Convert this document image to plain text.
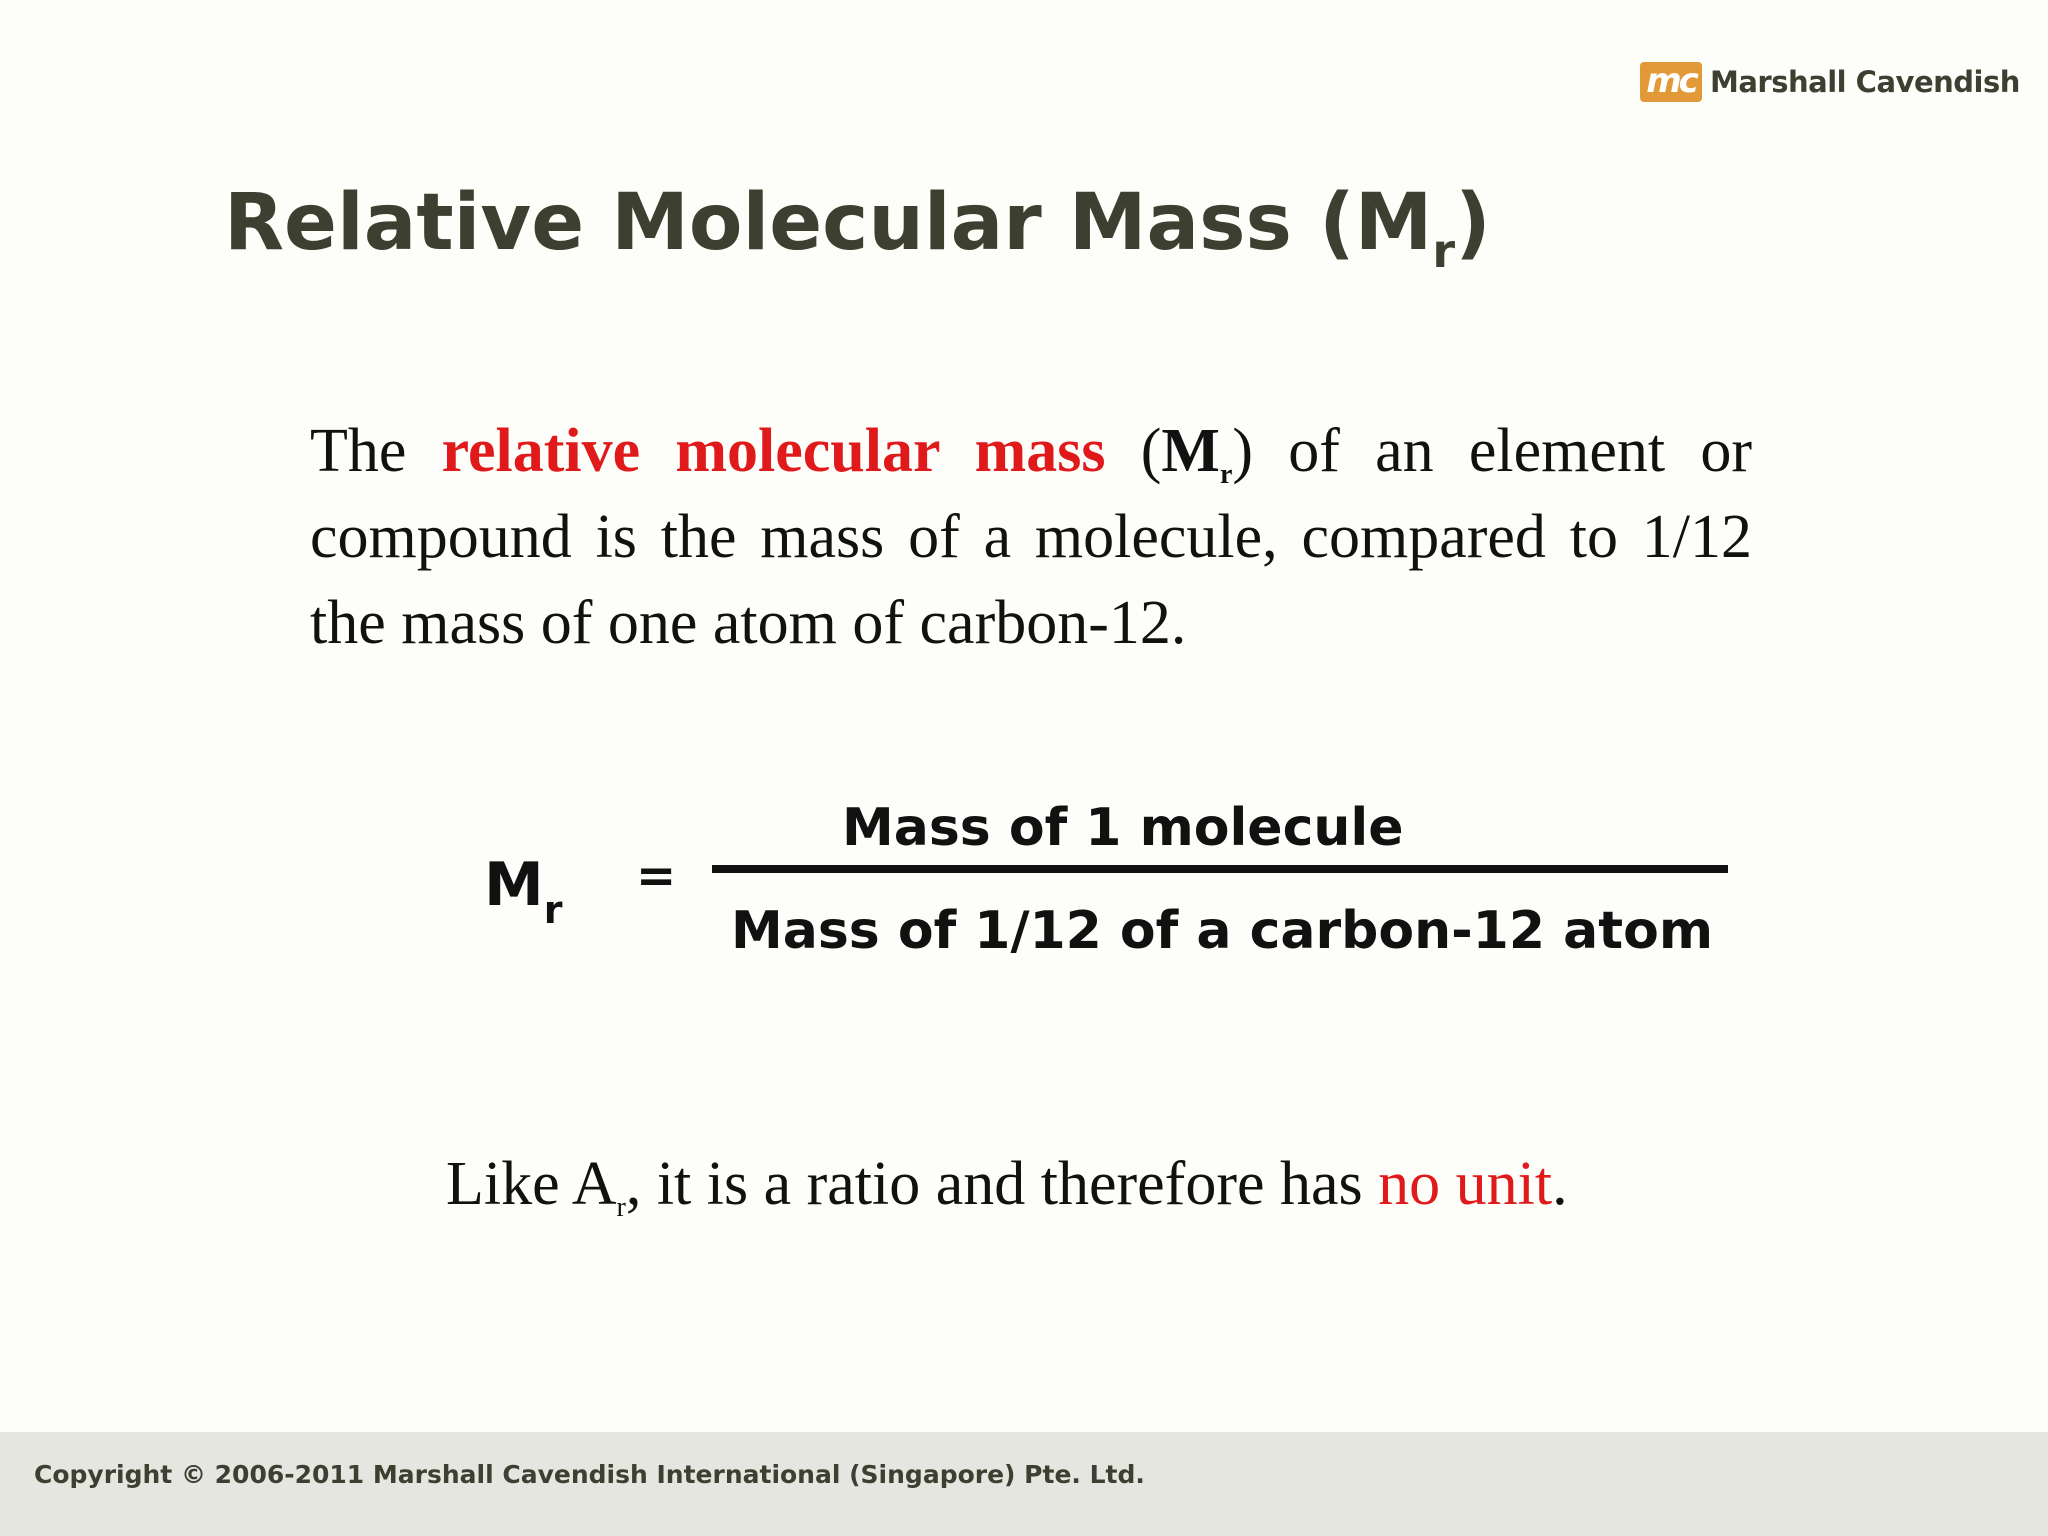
mc Marshall Cavendish
Relative Molecular Mass $(M_r)$

The relative molecular mass $(M_r)$ of an element or compound is the mass of a molecule, compared to 1/12 the mass of one atom of carbon-12.

$M_r$
=
Mass of 1 molecule
Mass of 1/12 of a carbon-12 atom

Like $A_r$, it is a ratio and therefore has no unit.

Copyright © 2006-2011 Marshall Cavendish International (Singapore) Pte. Ltd.
